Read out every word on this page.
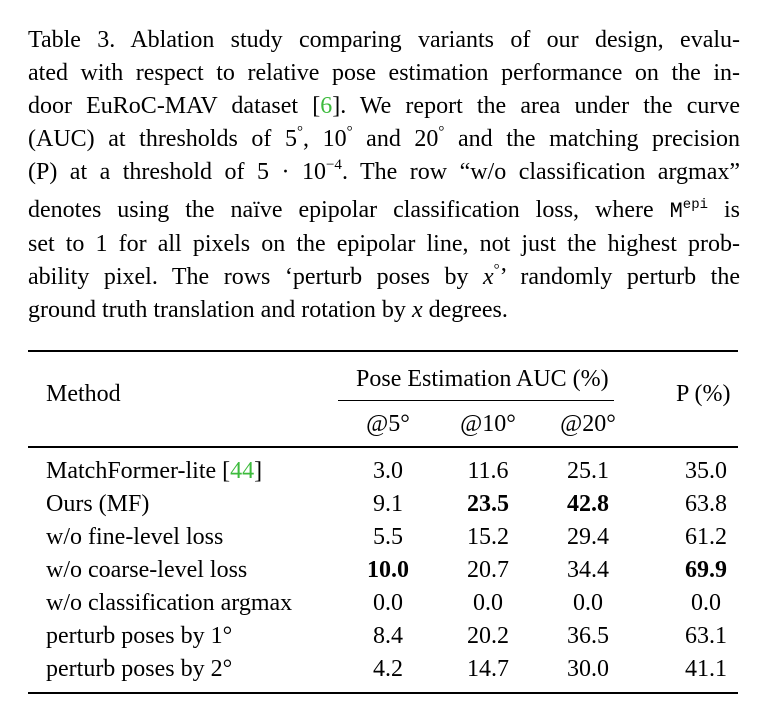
Table 3. Ablation study comparing variants of our design, evalu-
ated with respect to relative pose estimation performance on the in-
door EuRoC-MAV dataset [6]. We report the area under the curve
(AUC) at thresholds of 5°, 10° and 20° and the matching precision
(P) at a threshold of $5 \cdot 10^{-4}$. The row “w/o classification argmax”
denotes using the naïve epipolar classification loss, where $M^{epi}$ is
set to 1 for all pixels on the epipolar line, not just the highest prob-
ability pixel. The rows ‘perturb poses by x°’ randomly perturb the
ground truth translation and rotation by x degrees.
Method
Pose Estimation AUC (%)
P (%)
@5°	@10°	@20°
MatchFormer-lite [44]	3.0	11.6	25.1	35.0
Ours (MF)	9.1	23.5	42.8	63.8
w/o fine-level loss	5.5	15.2	29.4	61.2
w/o coarse-level loss	10.0	20.7	34.4	69.9
w/o classification argmax	0.0	0.0	0.0	0.0
perturb poses by 1°	8.4	20.2	36.5	63.1
perturb poses by 2°	4.2	14.7	30.0	41.1
